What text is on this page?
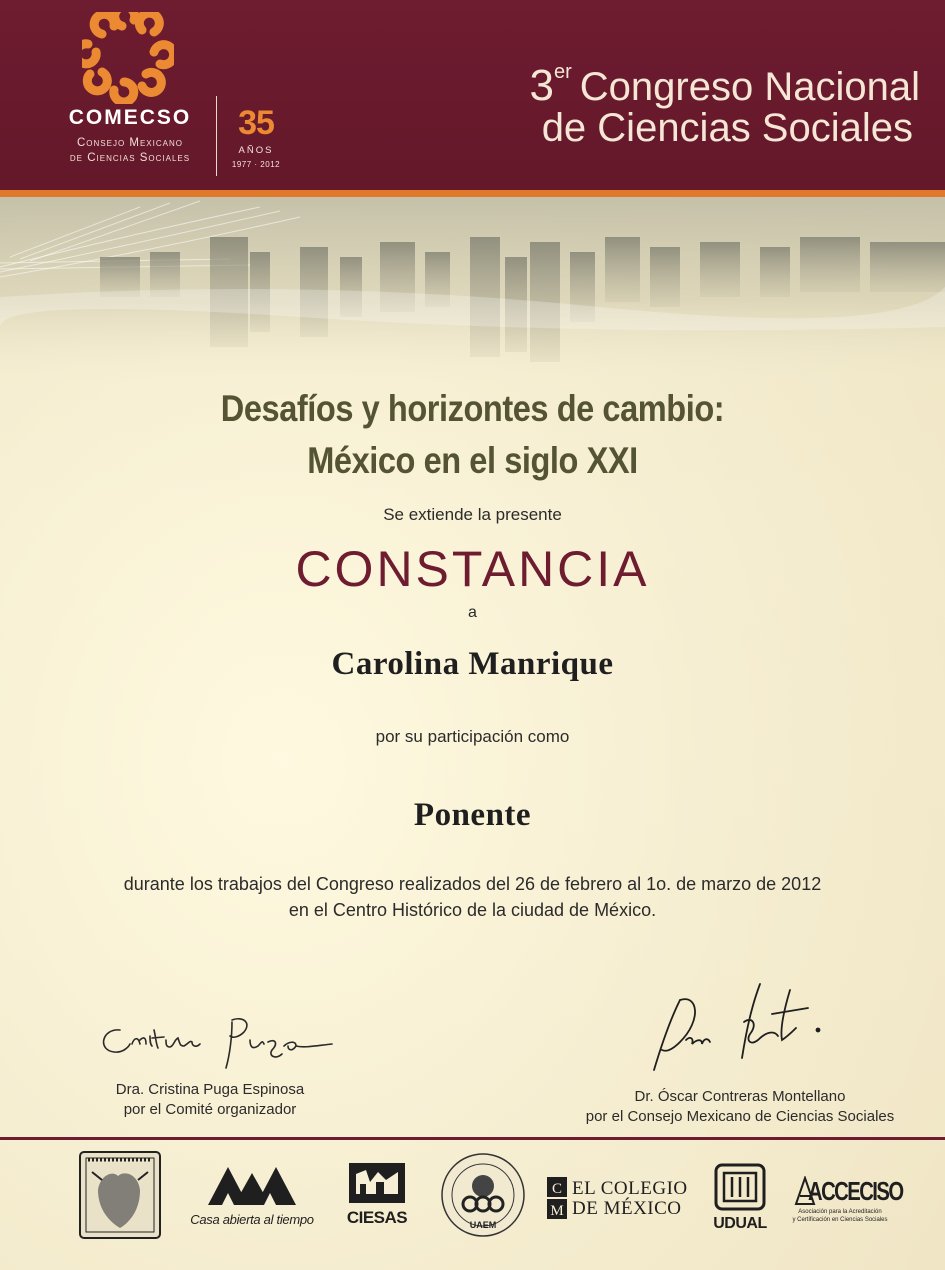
COMECSO
Consejo Mexicano
de Ciencias Sociales
35
AÑOS
1977 · 2012
3er Congreso Nacional
de Ciencias Sociales
Desafíos y horizontes de cambio:
México en el siglo XXI
Se extiende la presente
CONSTANCIA
a
Carolina Manrique
por su participación como
Ponente
durante los trabajos del Congreso realizados del 26 de febrero al 1o. de marzo de 2012
en el Centro Histórico de la ciudad de México.
Dra. Cristina Puga Espinosa
por el Comité organizador
Dr. Óscar Contreras Montellano
por el Consejo Mexicano de Ciencias Sociales
Casa abierta al tiempo	CIESAS	UAEM
C
M
EL COLEGIO
DE MÉXICO
UDUAL
ACCECISO
Asociación para la Acreditación
y Certificación en Ciencias Sociales
